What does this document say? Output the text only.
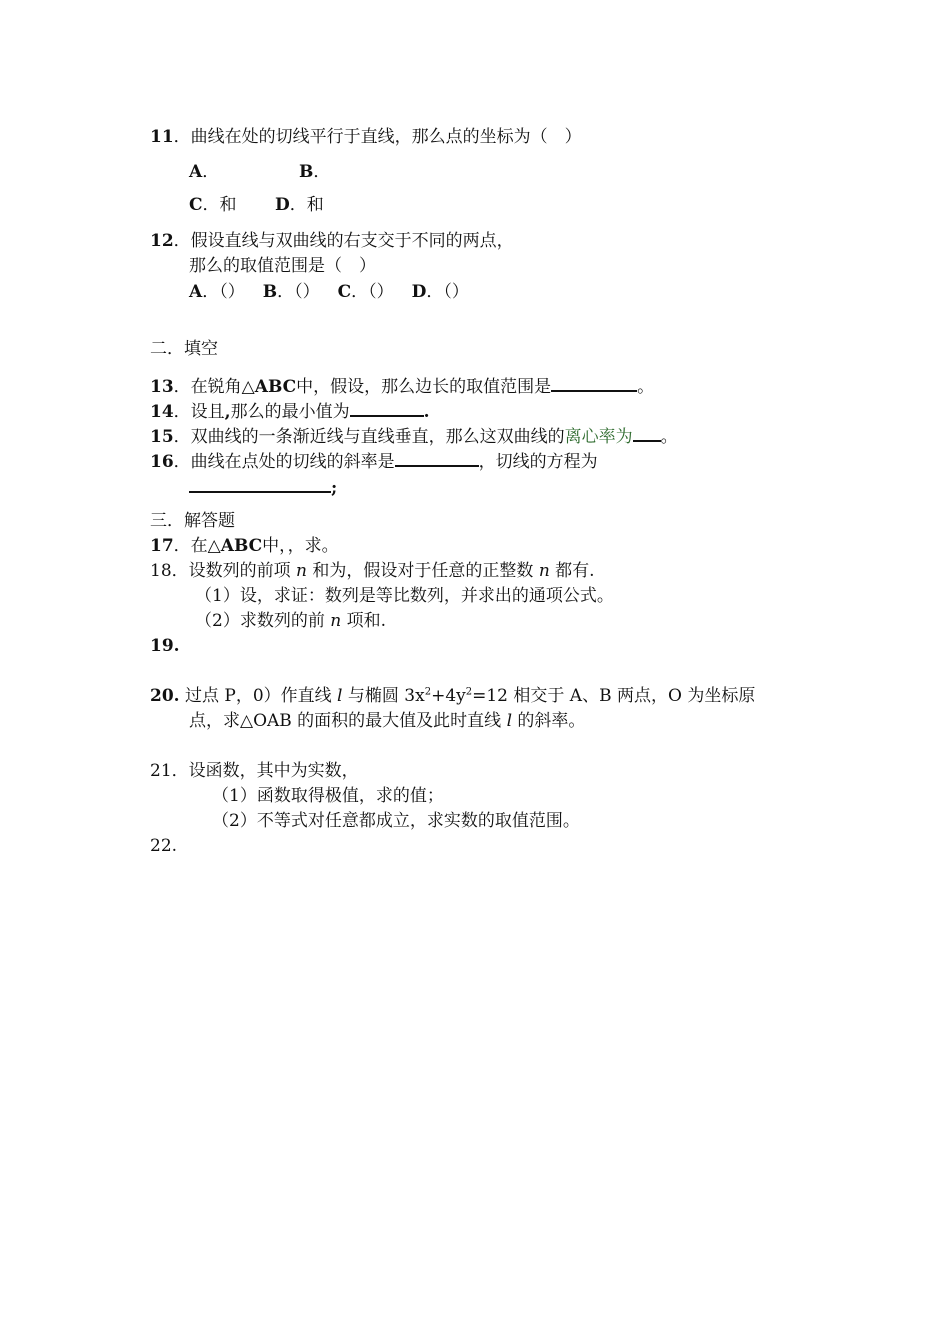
11．曲线在处的切线平行于直线，那么点的坐标为（　）
A．	B．
C．和 D．和
12．假设直线与双曲线的右支交于不同的两点，
那么的取值范围是（　）
A．（） B．（） C．（） D．（）
二．填空
13．在锐角△ABC中，假设，那么边长的取值范围是	。
14．设且,那么的最小值为	.
15．双曲线的一条渐近线与直线垂直，那么这双曲线的离心率为 。
16．曲线在点处的切线的斜率是	，切线的方程为
;
三．解答题
17．在△ABC中，，求。
18．设数列的前项 n 和为，假设对于任意的正整数 n 都有.
（1）设，求证：数列是等比数列，并求出的通项公式。
（2）求数列的前 n 项和.
19.
20. 过点 P，0）作直线 l 与椭圆 $3x^2+4y^2=12$ 相交于 A、B 两点，O 为坐标原
点，求△OAB 的面积的最大值及此时直线 l 的斜率。
21．设函数，其中为实数，
（1）函数取得极值，求的值；
（2）不等式对任意都成立，求实数的取值范围。
22.
